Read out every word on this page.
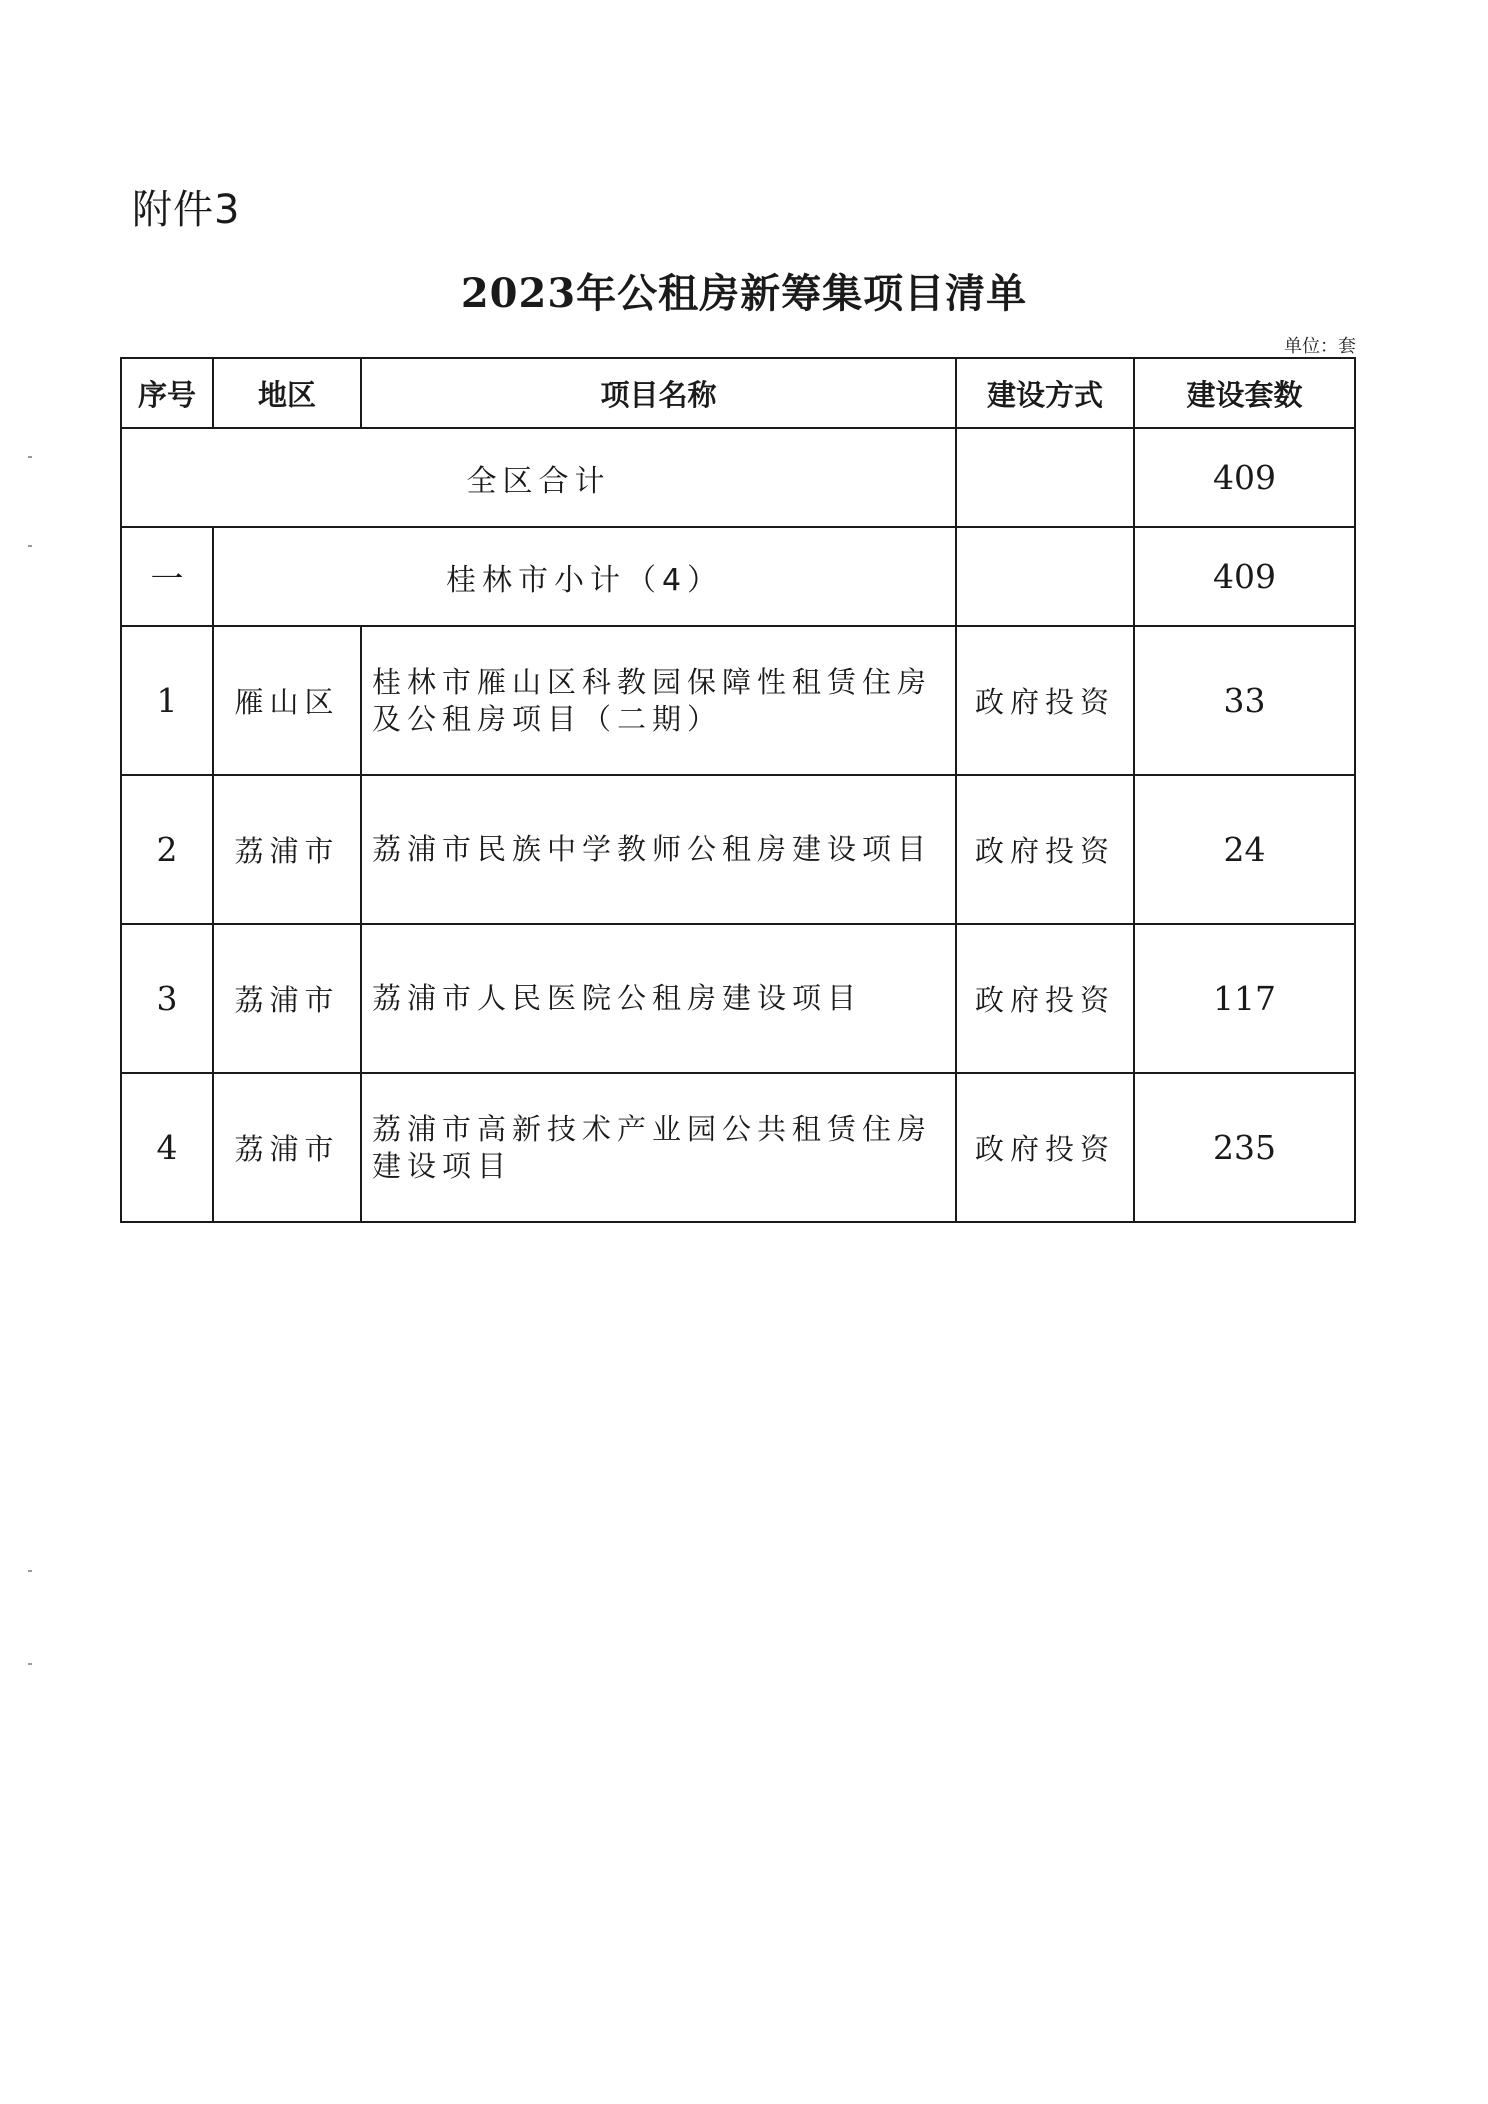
附件3
2023年公租房新筹集项目清单
单位：套
序号	地区	项目名称	建设方式	建设套数
全区合计				409
一	桂林市小计（4）			409
1	雁山区	桂林市雁山区科教园保障性租赁住房及公租房项目（二期）	政府投资	33
2	荔浦市	荔浦市民族中学教师公租房建设项目	政府投资	24
3	荔浦市	荔浦市人民医院公租房建设项目	政府投资	117
4	荔浦市	荔浦市高新技术产业园公共租赁住房建设项目	政府投资	235
